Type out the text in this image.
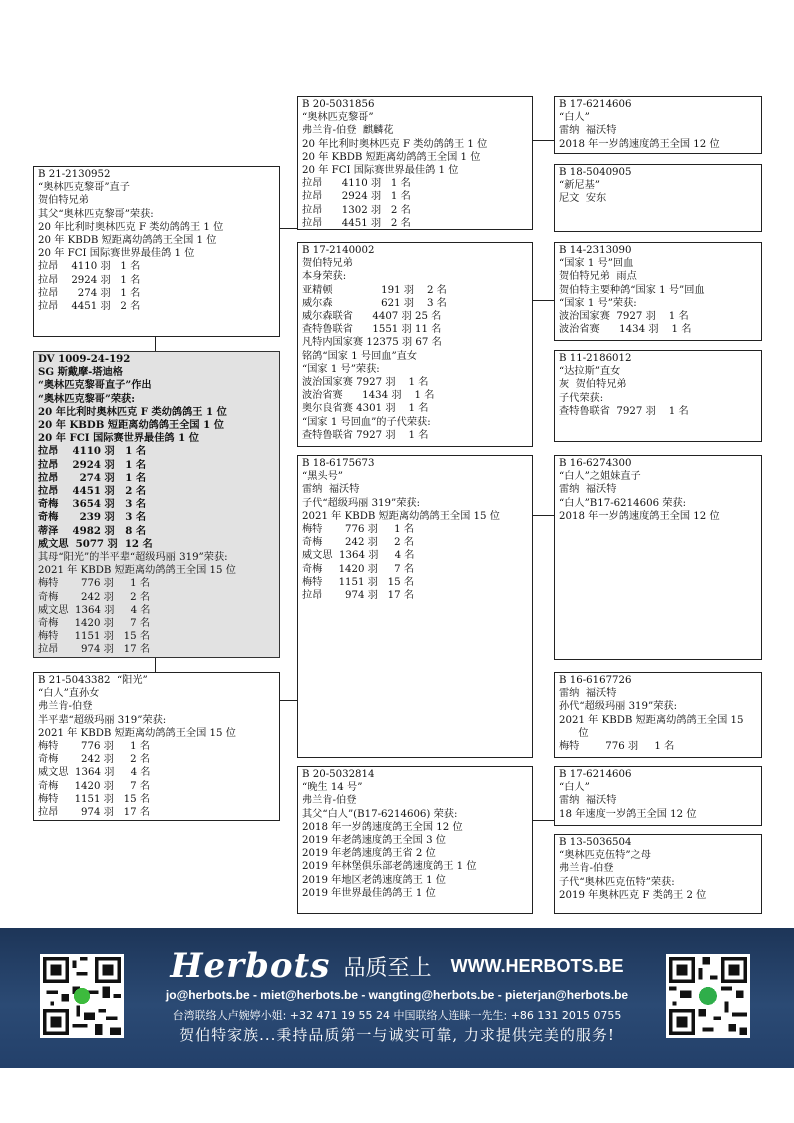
B 21-2130952
“奥林匹克黎哥”直子
贺伯特兄弟
其父“奥林匹克黎哥”荣获:
20 年比利时奥林匹克 F 类幼鸽鸽王 1 位
20 年 KBDB 短距离幼鸽鸽王全国 1 位
20 年 FCI 国际赛世界最佳鸽 1 位
拉昂    4110 羽   1 名
拉昂    2924 羽   1 名
拉昂      274 羽   1 名
拉昂    4451 羽   2 名
DV 1009-24-192
SG 斯戴摩-塔迪格
“奥林匹克黎哥直子”作出
“奥林匹克黎哥”荣获:
20 年比利时奥林匹克 F 类幼鸽鸽王 1 位
20 年 KBDB 短距离幼鸽鸽王全国 1 位
20 年 FCI 国际赛世界最佳鸽 1 位
拉昂    4110 羽   1 名
拉昂    2924 羽   1 名
拉昂      274 羽   1 名
拉昂    4451 羽   2 名
奇梅    3654 羽   3 名
奇梅      239 羽   3 名
蒂泽    4982 羽   8 名
威文思  5077 羽  12 名
其母“阳光”的半平辈“超级玛丽 319”荣获:
2021 年 KBDB 短距离幼鸽鸽王全国 15 位
梅特       776 羽     1 名
奇梅       242 羽     2 名
威文思  1364 羽     4 名
奇梅     1420 羽     7 名
梅特     1151 羽   15 名
拉昂       974 羽   17 名
B 21-5043382  “阳光”
“白人”直孙女
弗兰肯-伯登
半平辈“超级玛丽 319”荣获:
2021 年 KBDB 短距离幼鸽鸽王全国 15 位
梅特       776 羽     1 名
奇梅       242 羽     2 名
威文思  1364 羽     4 名
奇梅     1420 羽     7 名
梅特     1151 羽   15 名
拉昂       974 羽   17 名
B 20-5031856
“奥林匹克黎哥”
弗兰肯-伯登  麒麟花
20 年比利时奥林匹克 F 类幼鸽鸽王 1 位
20 年 KBDB 短距离幼鸽鸽王全国 1 位
20 年 FCI 国际赛世界最佳鸽 1 位
拉昂      4110 羽   1 名
拉昂      2924 羽   1 名
拉昂      1302 羽   2 名
拉昂      4451 羽   2 名
B 17-2140002
贺伯特兄弟
本身荣获:
亚精顿               191 羽    2 名
威尔森               621 羽    3 名
威尔森联省      4407 羽 25 名
查特鲁联省      1551 羽 11 名
凡特内国家赛 12375 羽 67 名
铭鸽“国家 1 号回血”直女
“国家 1 号”荣获:
波治国家赛 7927 羽    1 名
波治省赛      1434 羽    1 名
奥尔良省赛 4301 羽    1 名
“国家 1 号回血”的子代荣获:
查特鲁联省 7927 羽    1 名
B 18-6175673
“黑头号”
雷纳  福沃特
子代“超级玛丽 319”荣获:
2021 年 KBDB 短距离幼鸽鸽王全国 15 位
梅特       776 羽     1 名
奇梅       242 羽     2 名
威文思  1364 羽     4 名
奇梅     1420 羽     7 名
梅特     1151 羽   15 名
拉昂       974 羽   17 名
B 20-5032814
“晚生 14 号”
弗兰肯-伯登
其父“白人”(B17-6214606) 荣获:
2018 年一岁鸽速度鸽王全国 12 位
2019 年老鸽速度鸽王全国 3 位
2019 年老鸽速度鸽王省 2 位
2019 年林堡俱乐部老鸽速度鸽王 1 位
2019 年地区老鸽速度鸽王 1 位
2019 年世界最佳鸽鸽王 1 位
B 17-6214606
“白人”
雷纳  福沃特
2018 年一岁鸽速度鸽王全国 12 位
B 18-5040905
“新尼基”
尼文  安东
B 14-2313090
“国家 1 号”回血
贺伯特兄弟  雨点
贺伯特主要种鸽“国家 1 号”回血
“国家 1 号”荣获:
波治国家赛  7927 羽    1 名
波治省赛      1434 羽    1 名
B 11-2186012
“达拉斯”直女
灰  贺伯特兄弟
子代荣获:
查特鲁联省  7927 羽    1 名
B 16-6274300
“白人”之姐妹直子
雷纳  福沃特
“白人”B17-6214606 荣获:
2018 年一岁鸽速度鸽王全国 12 位
B 16-6167726
雷纳  福沃特
孙代“超级玛丽 319”荣获:
2021 年 KBDB 短距离幼鸽鸽王全国 15
位
梅特        776 羽     1 名
B 17-6214606
“白人”
雷纳  福沃特
18 年速度一岁鸽王全国 12 位
B 13-5036504
“奥林匹克伍特”之母
弗兰肯-伯登
子代“奥林匹克伍特”荣获:
2019 年奥林匹克 F 类鸽王 2 位
Herbots 品质至上 WWW.HERBOTS.BE
jo@herbots.be - miet@herbots.be - wangting@herbots.be - pieterjan@herbots.be
台湾联络人卢婉婷小姐: +32 471 19 55 24 中国联络人连睐一先生: +86 131 2015 0755
贺伯特家族...秉持品质第一与诚实可靠, 力求提供完美的服务!
